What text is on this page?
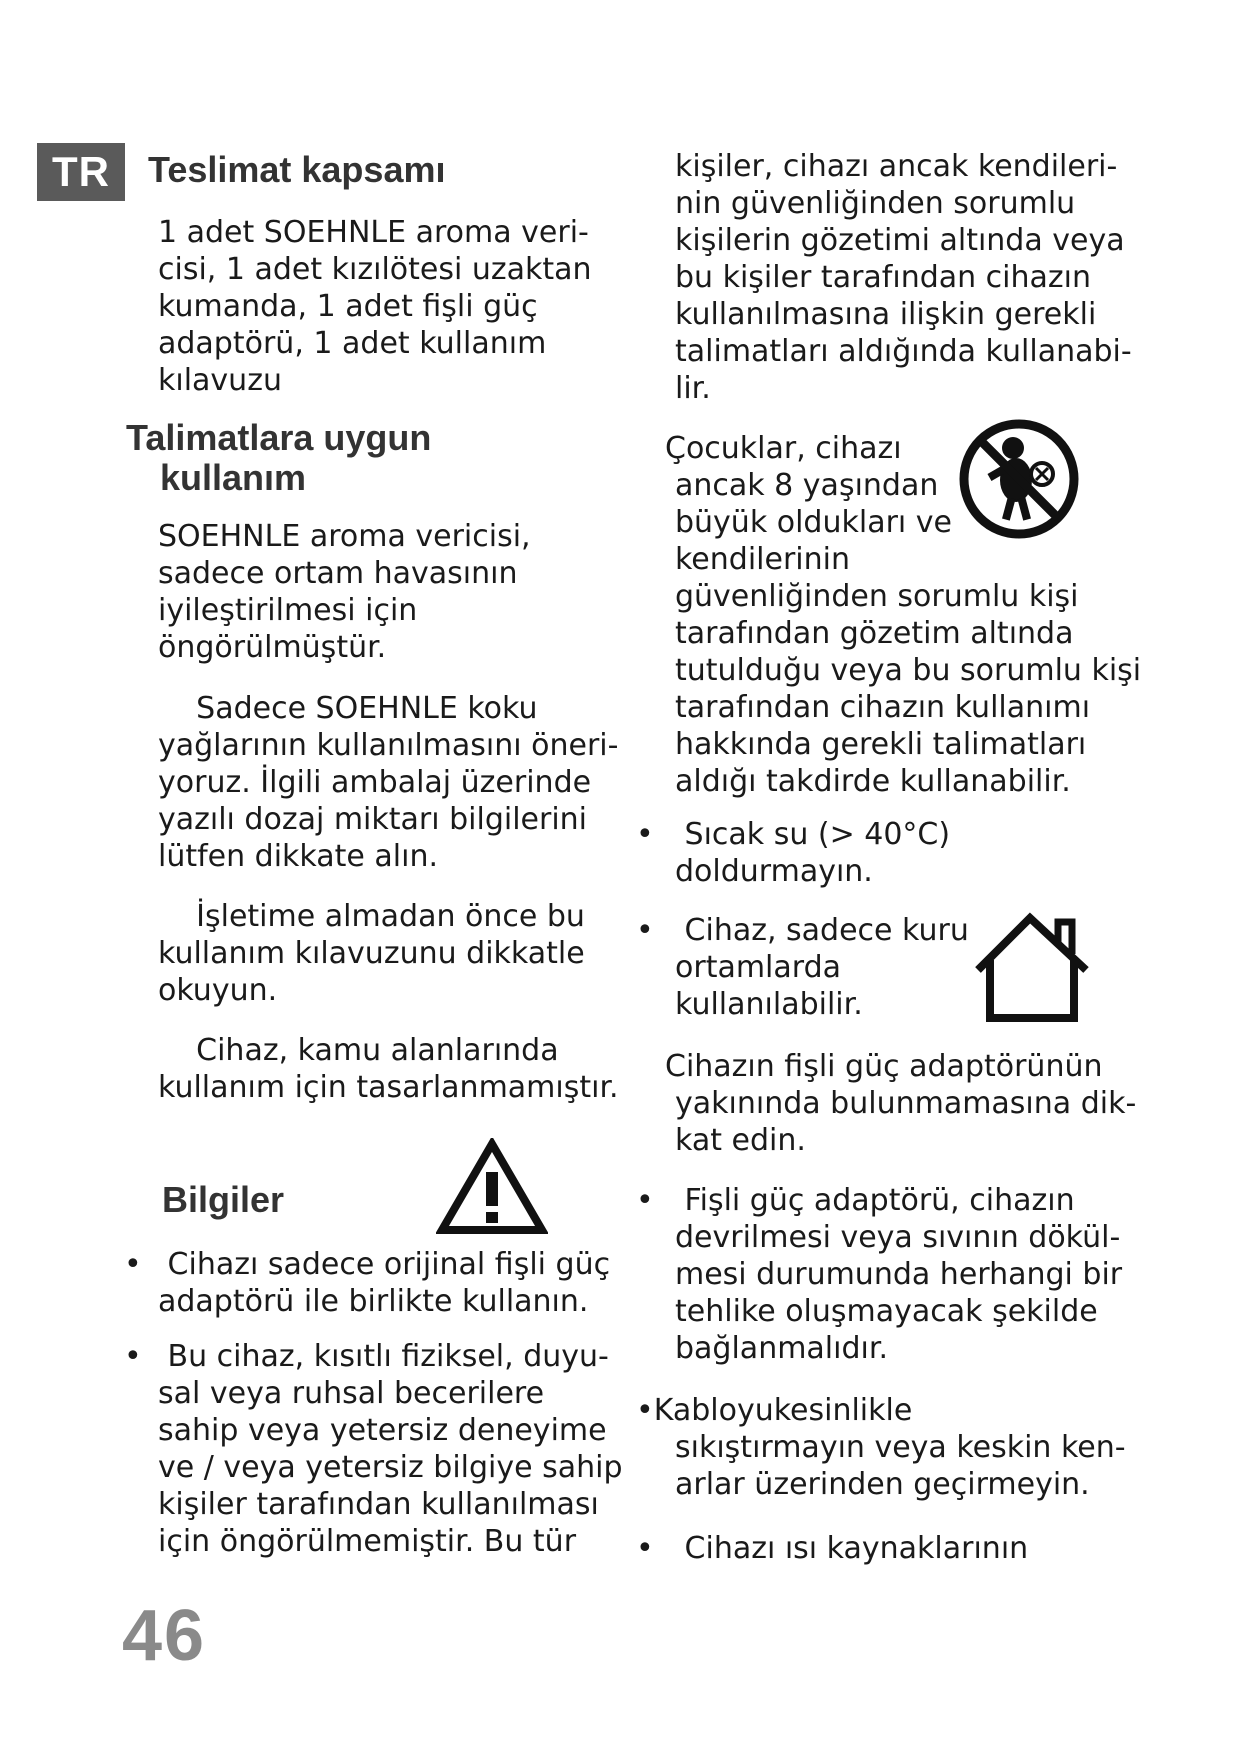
TR	Teslimat kapsamı

1 adet SOEHNLE aroma veri-
cisi, 1 adet kızılötesi uzaktan
kumanda, 1 adet fişli güç
adaptörü, 1 adet kullanım
kılavuzu

Talimatlara uygun
kullanım

SOEHNLE aroma vericisi,
sadece ortam havasının
iyileştirilmesi için
öngörülmüştür.

Sadece SOEHNLE koku
yağlarının kullanılmasını öneri-
yoruz. İlgili ambalaj üzerinde
yazılı dozaj miktarı bilgilerini
lütfen dikkate alın.

İşletime almadan önce bu
kullanım kılavuzunu dikkatle
okuyun.

Cihaz, kamu alanlarında
kullanım için tasarlanmamıştır.

Bilgiler
• Cihazı sadece orijinal fişli güç
adaptörü ile birlikte kullanın.

• Bu cihaz, kısıtlı fiziksel, duyu-
sal veya ruhsal becerilere
sahip veya yetersiz deneyime
ve / veya yetersiz bilgiye sahip
kişiler tarafından kullanılması
için öngörülmemiştir. Bu tür

46

kişiler, cihazı ancak kendileri-
nin güvenliğinden sorumlu
kişilerin gözetimi altında veya
bu kişiler tarafından cihazın
kullanılmasına ilişkin gerekli
talimatları aldığında kullanabi-
lir.

Çocuklar, cihazı

ancak 8 yaşından
büyük oldukları ve
kendilerinin
güvenliğinden sorumlu kişi
tarafından gözetim altında
tutulduğu veya bu sorumlu kişi
tarafından cihazın kullanımı
hakkında gerekli talimatları
aldığı takdirde kullanabilir.

• Sıcak su (> 40°C)
doldurmayın.

• Cihaz, sadece kuru
ortamlarda
kullanılabilir.

Cihazın fişli güç adaptörünün

yakınında bulunmamasına dik-
kat edin.

• Fişli güç adaptörü, cihazın
devrilmesi veya sıvının dökül-
mesi durumunda herhangi bir
tehlike oluşmayacak şekilde
bağlanmalıdır.

•Kabloyukesinlikle

sıkıştırmayın veya keskin ken-
arlar üzerinden geçirmeyin.

• Cihazı ısı kaynaklarının
